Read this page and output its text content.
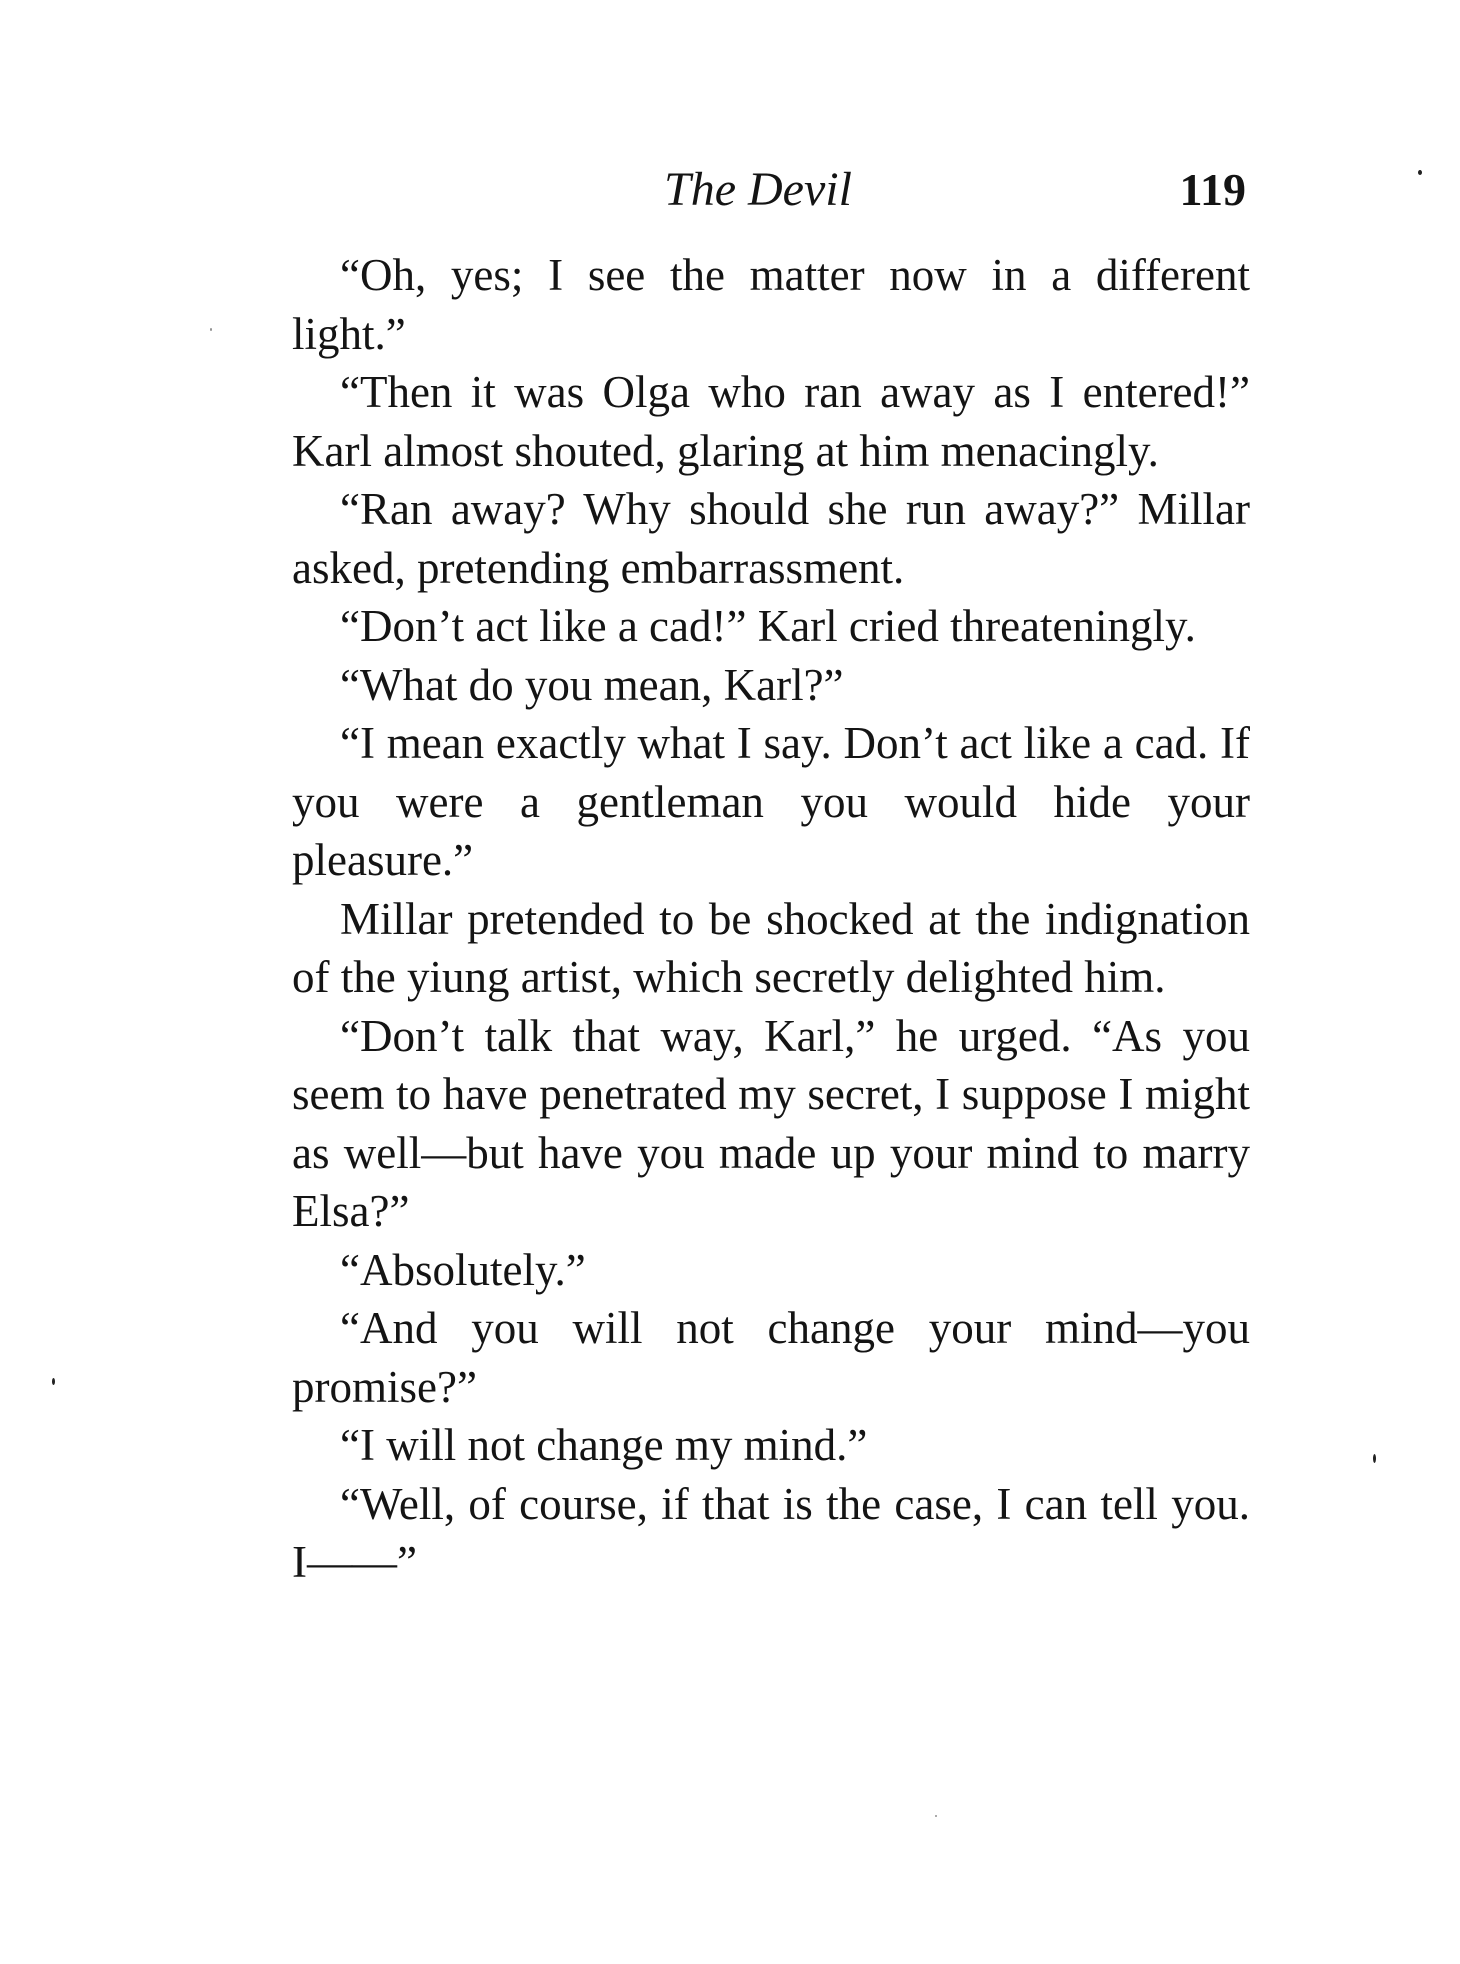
The Devil	119

“Oh, yes; I see the matter now in a different light.”

“Then it was Olga who ran away as I entered!” Karl almost shouted, glaring at him menacingly.

“Ran away? Why should she run away?” Millar asked, pretending embarrassment.

“Don’t act like a cad!” Karl cried threateningly.

“What do you mean, Karl?”

“I mean exactly what I say. Don’t act like a cad. If you were a gentleman you would hide your pleasure.”

Millar pretended to be shocked at the indignation of the yiung artist, which secretly delighted him.

“Don’t talk that way, Karl,” he urged. “As you seem to have penetrated my secret, I suppose I might as well—but have you made up your mind to marry Elsa?”

“Absolutely.”

“And you will not change your mind—you promise?”

“I will not change my mind.”

“Well, of course, if that is the case, I can tell you. I——”
